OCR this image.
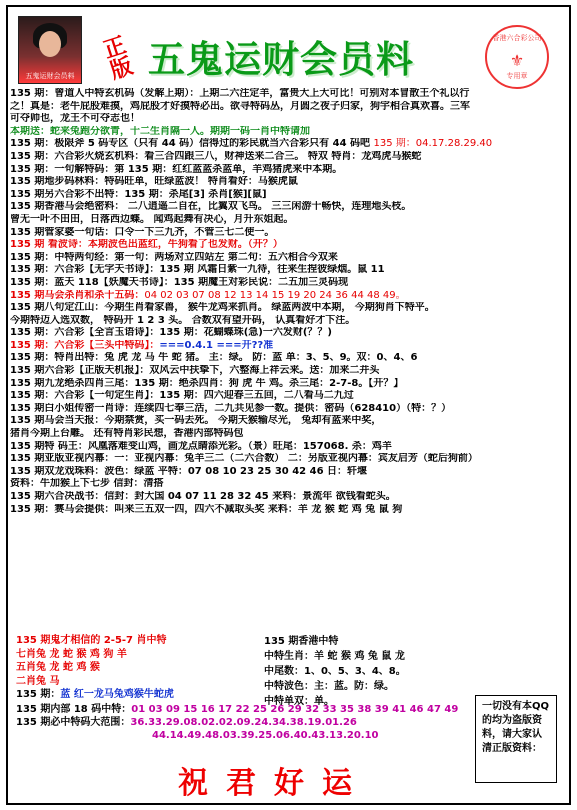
五鬼运财会员料
正版 五鬼运财会员料	香港六合彩公司
⚜
专用章
135 期：曾道人中特玄机码（发解上期）：上期二六注定羊，富贵大上大可比！可别对本冒散王个礼以行
之！真是：老牛屁股难摸，鸡屁股才好摸特必出。欲寻特码丛，月圆之夜子归家，狗宇相合真欢喜。三军
可夺帅也，龙王不可夺志也！
本期送：蛇来兔跑分欲青，十二生肖隔一人。期期一码一肖中特请加
135 期：极限斧 5 码专区（只有 44 码）信得过的彩民就当六合彩只有 44 码吧 135 期：04.17.28.29.40
135 期：六合彩火烧玄机料：看三合四跟三八，财神送来二合三。 特双 特肖：龙鸡虎马猴蛇
135 期：一句解特码：第 135 期：红红蓝蓝杀蓝单，羊鸡猪虎来中本期。
135 期地步码林料：特码旺单，旺绿蓝波！ 特肖看好：马猴虎鼠
135 期另六合彩不出特：135 期：杀尾[3] 杀肖[猴][鼠]
135 期香港马会绝密料： 二八逍遥二自在，比翼双飞鸟。 三三闲游十畅快，连理地头枝。
曾无一叶不田田，日落西边蝶。 闻鸡起舞有决心，月升东姐起。
135 期管家婆一句话：口令一下三九齐，不管三七二使一。
135 期 看波诗：本期波色出蓝红，牛狗看了也发财。（开？）
135 期：中特两句经：第一句：两场对立四站左 第二句：五六相合今双来
135 期：六合彩【无字天书诗】：135 期 风霜日紫一九待，往来生捏彼绿烟。鼠 11
135 期：蓝天 118【妖魔天书诗】：135 期魔王对彩民说：二五加三灵码现
135 期马会杀肖和杀十五码：04 02 03 07 08 12 13 14 15 19 20 24 36 44 48 49。
135 期八句定江山：今期生肖看家兽， 猴牛龙鸡来抓肖。 绿蓝两波中本期， 今期狗肖下特平。
今期特迈入选双数， 特码开 1 2 3 头。 合数双有望开码， 认真看好才下注。
135 期：六合彩【全言玉语诗】：135 期：花蝴蝶珠(急)一六发财(？？)
135 期：六合彩【三头中特码】：===0.4.1 ===开??准
135 期：特肖出特：兔 虎 龙 马 牛 蛇 猪。 主：绿。 防：蓝 单：3、5、9。双：0、4、6
135 期六合彩【正版天机报】：双风云中扶挚下，六整海上祥云来。送：加来二并头
135 期九龙绝杀四肖三尾：135 期：绝杀四肖：狗 虎 牛 鸡。杀三尾：2-7-8。【开？】
135 期：六合彩【一句定生肖】：135 期：四六迎春三五回，二八看马二九过
135 期白小姐传密一肖诗：连续四七奉三活，二九共见参一数。提供：密码（628410）（特：？）
135 期马会当天报：今期禁赏，买一码去死。 今期天猴输尽光， 兔却有蓝来中奖，
猪肖今期上台雕。 还有特肖彩民想，香港内部特码包
135 期特 码王：风凰落难变山鸡，画龙点睛添光彩。（景）旺尾：157068. 杀：鸡羊
135 期亚版亚视内幕：一：亚视内幕：兔羊三二（二六合数） 二：另版亚视内幕：宾友启芳（蛇后狗前）
135 期双龙戏珠料：波色：绿蓝 平特：07 08 10 23 25 30 42 46 日：轩堰
资料：牛加猴上下七步 信封：清搭
135 期六合决战书：信封：封大国 04 07 11 28 32 45 来料：景流年 欲钱看蛇头。
135 期：赛马会提供：叫来三五双一四，四六不减取头奖 来料：羊 龙 猴 蛇 鸡 兔 鼠 狗
135 期鬼才相信的 2-5-7 肖中特
七肖兔 龙 蛇 猴 鸡 狗 羊
五肖兔 龙 蛇 鸡 猴
二肖兔 马
135 期：蓝 红一龙马兔鸡猴牛蛇虎
135 期香港中特
中特生肖：羊 蛇 猴 鸡 兔 鼠 龙
中尾数：1、0、5、3、4、8。
中特波色：主：蓝。防：绿。
中特单双：单。
135 期内部 18 码中特：01 03 09 15 16 17 22 25 26 29 32 33 35 38 39 41 46 47 49
135 期必中特码大范围：36.33.29.08.02.02.09.24.34.38.19.01.26
44.14.49.48.03.39.25.06.40.43.13.20.10
一切没有本QQ的均为盗版资料，请大家认清正版资料：
祝君好运
